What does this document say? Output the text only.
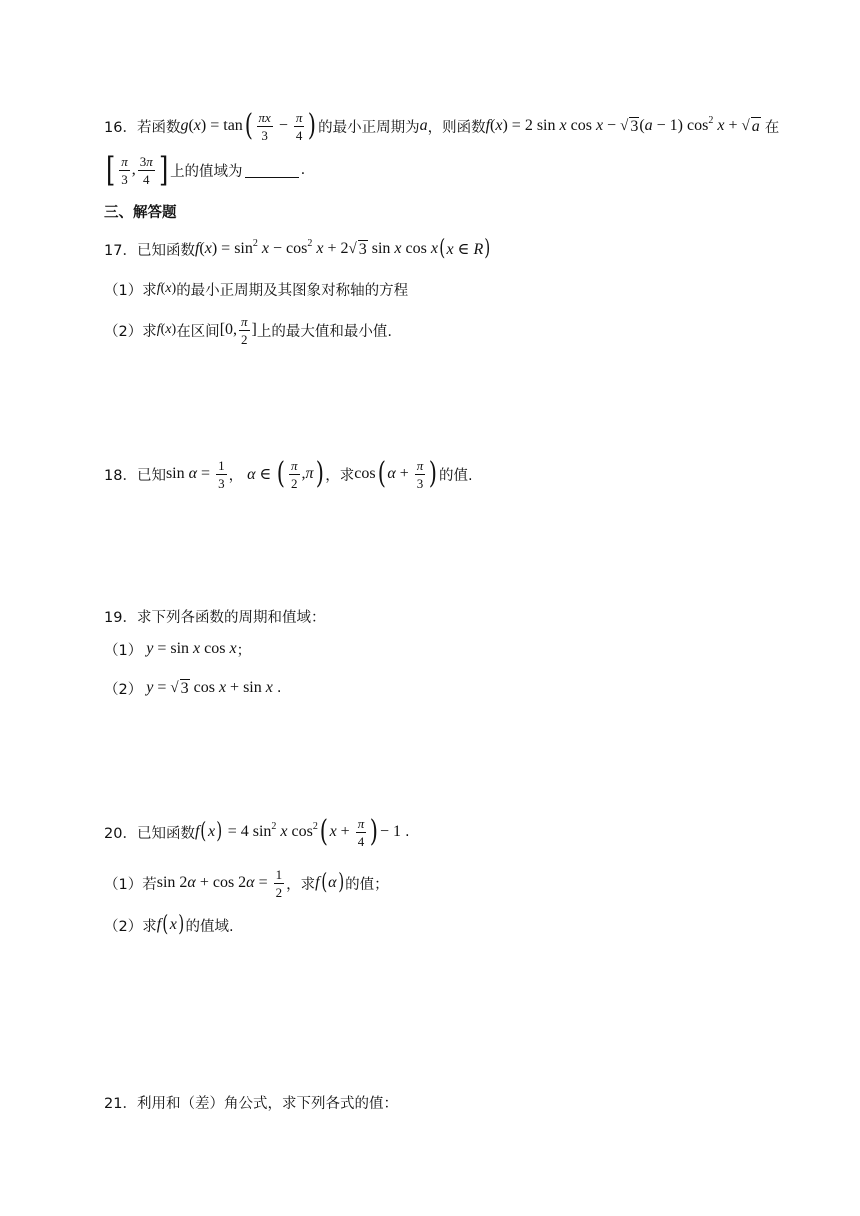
16． 若函数 g(x) = tan ( $\frac{\pi x}{3} - \frac{\pi}{4}$ ) 的最小正周期为 a ，则函数 f(x) = 2 sin x cos x − √ 3 (a − 1) $\cos^2 x$ + √ a 在
[ $\frac{\pi}{3}$ , $\frac{3\pi}{4}$ ] 上的值域为	.
三、解答题
17． 已知函数 $f(x) = \sin^2 x - \cos^2 x + 2$ √ 3 sin x cos x ( x ∈ R )
（1）求 f(x) 的最小正周期及其图象对称轴的方程
（2）求 f(x) 在区间 [0, $\frac{\pi}{2}$ ] 上的最大值和最小值.
18． 已知 $\sin \alpha = \frac{1}{3}$ ， α ∈ ( $\frac{\pi}{2} ,\pi$ ) ，求 cos ( $\alpha + \frac{\pi}{3}$ ) 的值.
19． 求下列各函数的周期和值域：
（1） y = sin x cos x ；
（2） y = √ 3 cos x + sin x .
20． 已知函数 f ( x ) = 4 $\sin^2 x$ $\cos^2$ ( $x + \frac{\pi}{4}$ ) − 1 .
（1）若 $\sin 2\alpha + \cos 2\alpha = \frac{1}{2}$ ，求 f ( α ) 的值；
（2）求 f ( x ) 的值域.
21． 利用和（差）角公式，求下列各式的值：
